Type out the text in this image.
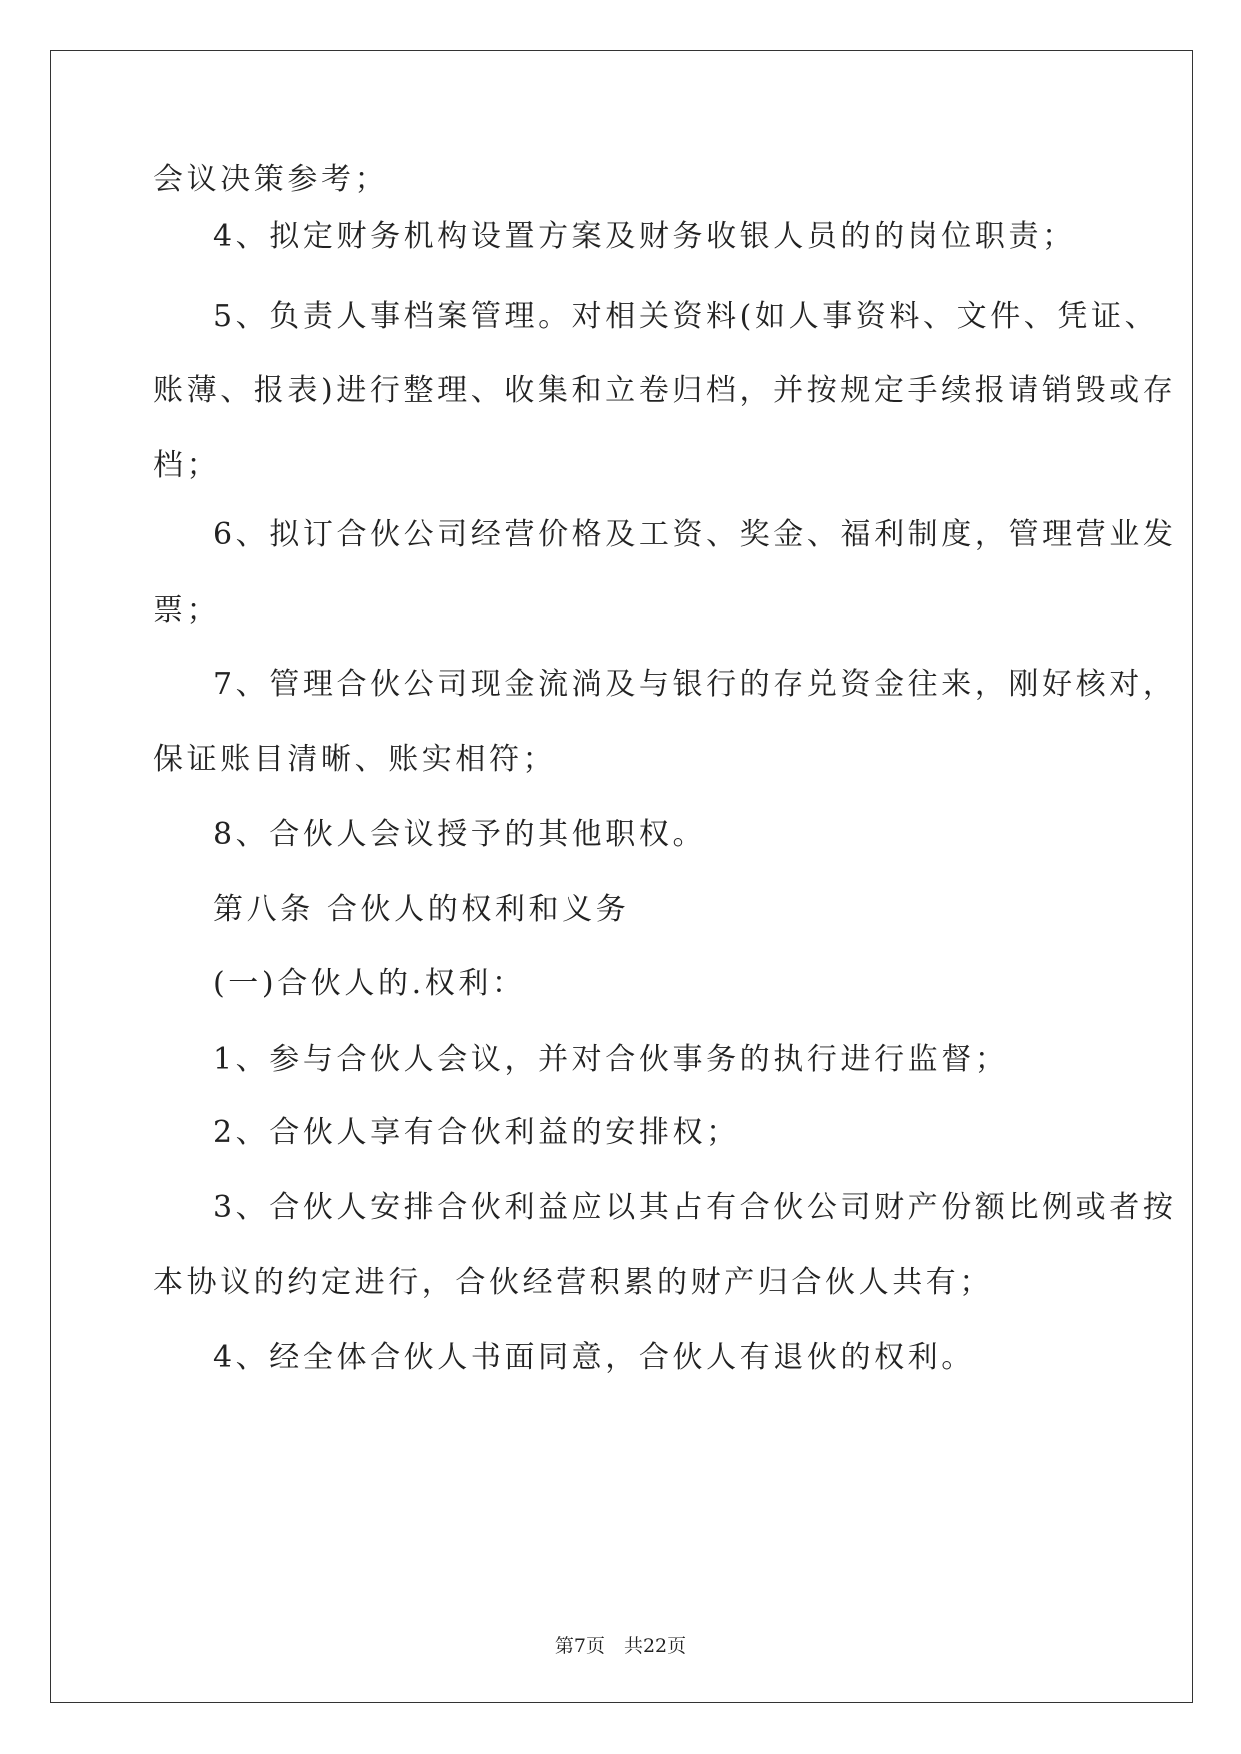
会议决策参考；
4、拟定财务机构设置方案及财务收银人员的的岗位职责；
5、负责人事档案管理。对相关资料(如人事资料、文件、凭证、
账薄、报表)进行整理、收集和立卷归档，并按规定手续报请销毁或存
档；
6、拟订合伙公司经营价格及工资、奖金、福利制度，管理营业发
票；
7、管理合伙公司现金流淌及与银行的存兑资金往来，刚好核对，
保证账目清晰、账实相符；
8、合伙人会议授予的其他职权。
第八条 合伙人的权利和义务
(一)合伙人的.权利：
1、参与合伙人会议，并对合伙事务的执行进行监督；
2、合伙人享有合伙利益的安排权；
3、合伙人安排合伙利益应以其占有合伙公司财产份额比例或者按
本协议的约定进行，合伙经营积累的财产归合伙人共有；
4、经全体合伙人书面同意，合伙人有退伙的权利。
第7页　共22页
